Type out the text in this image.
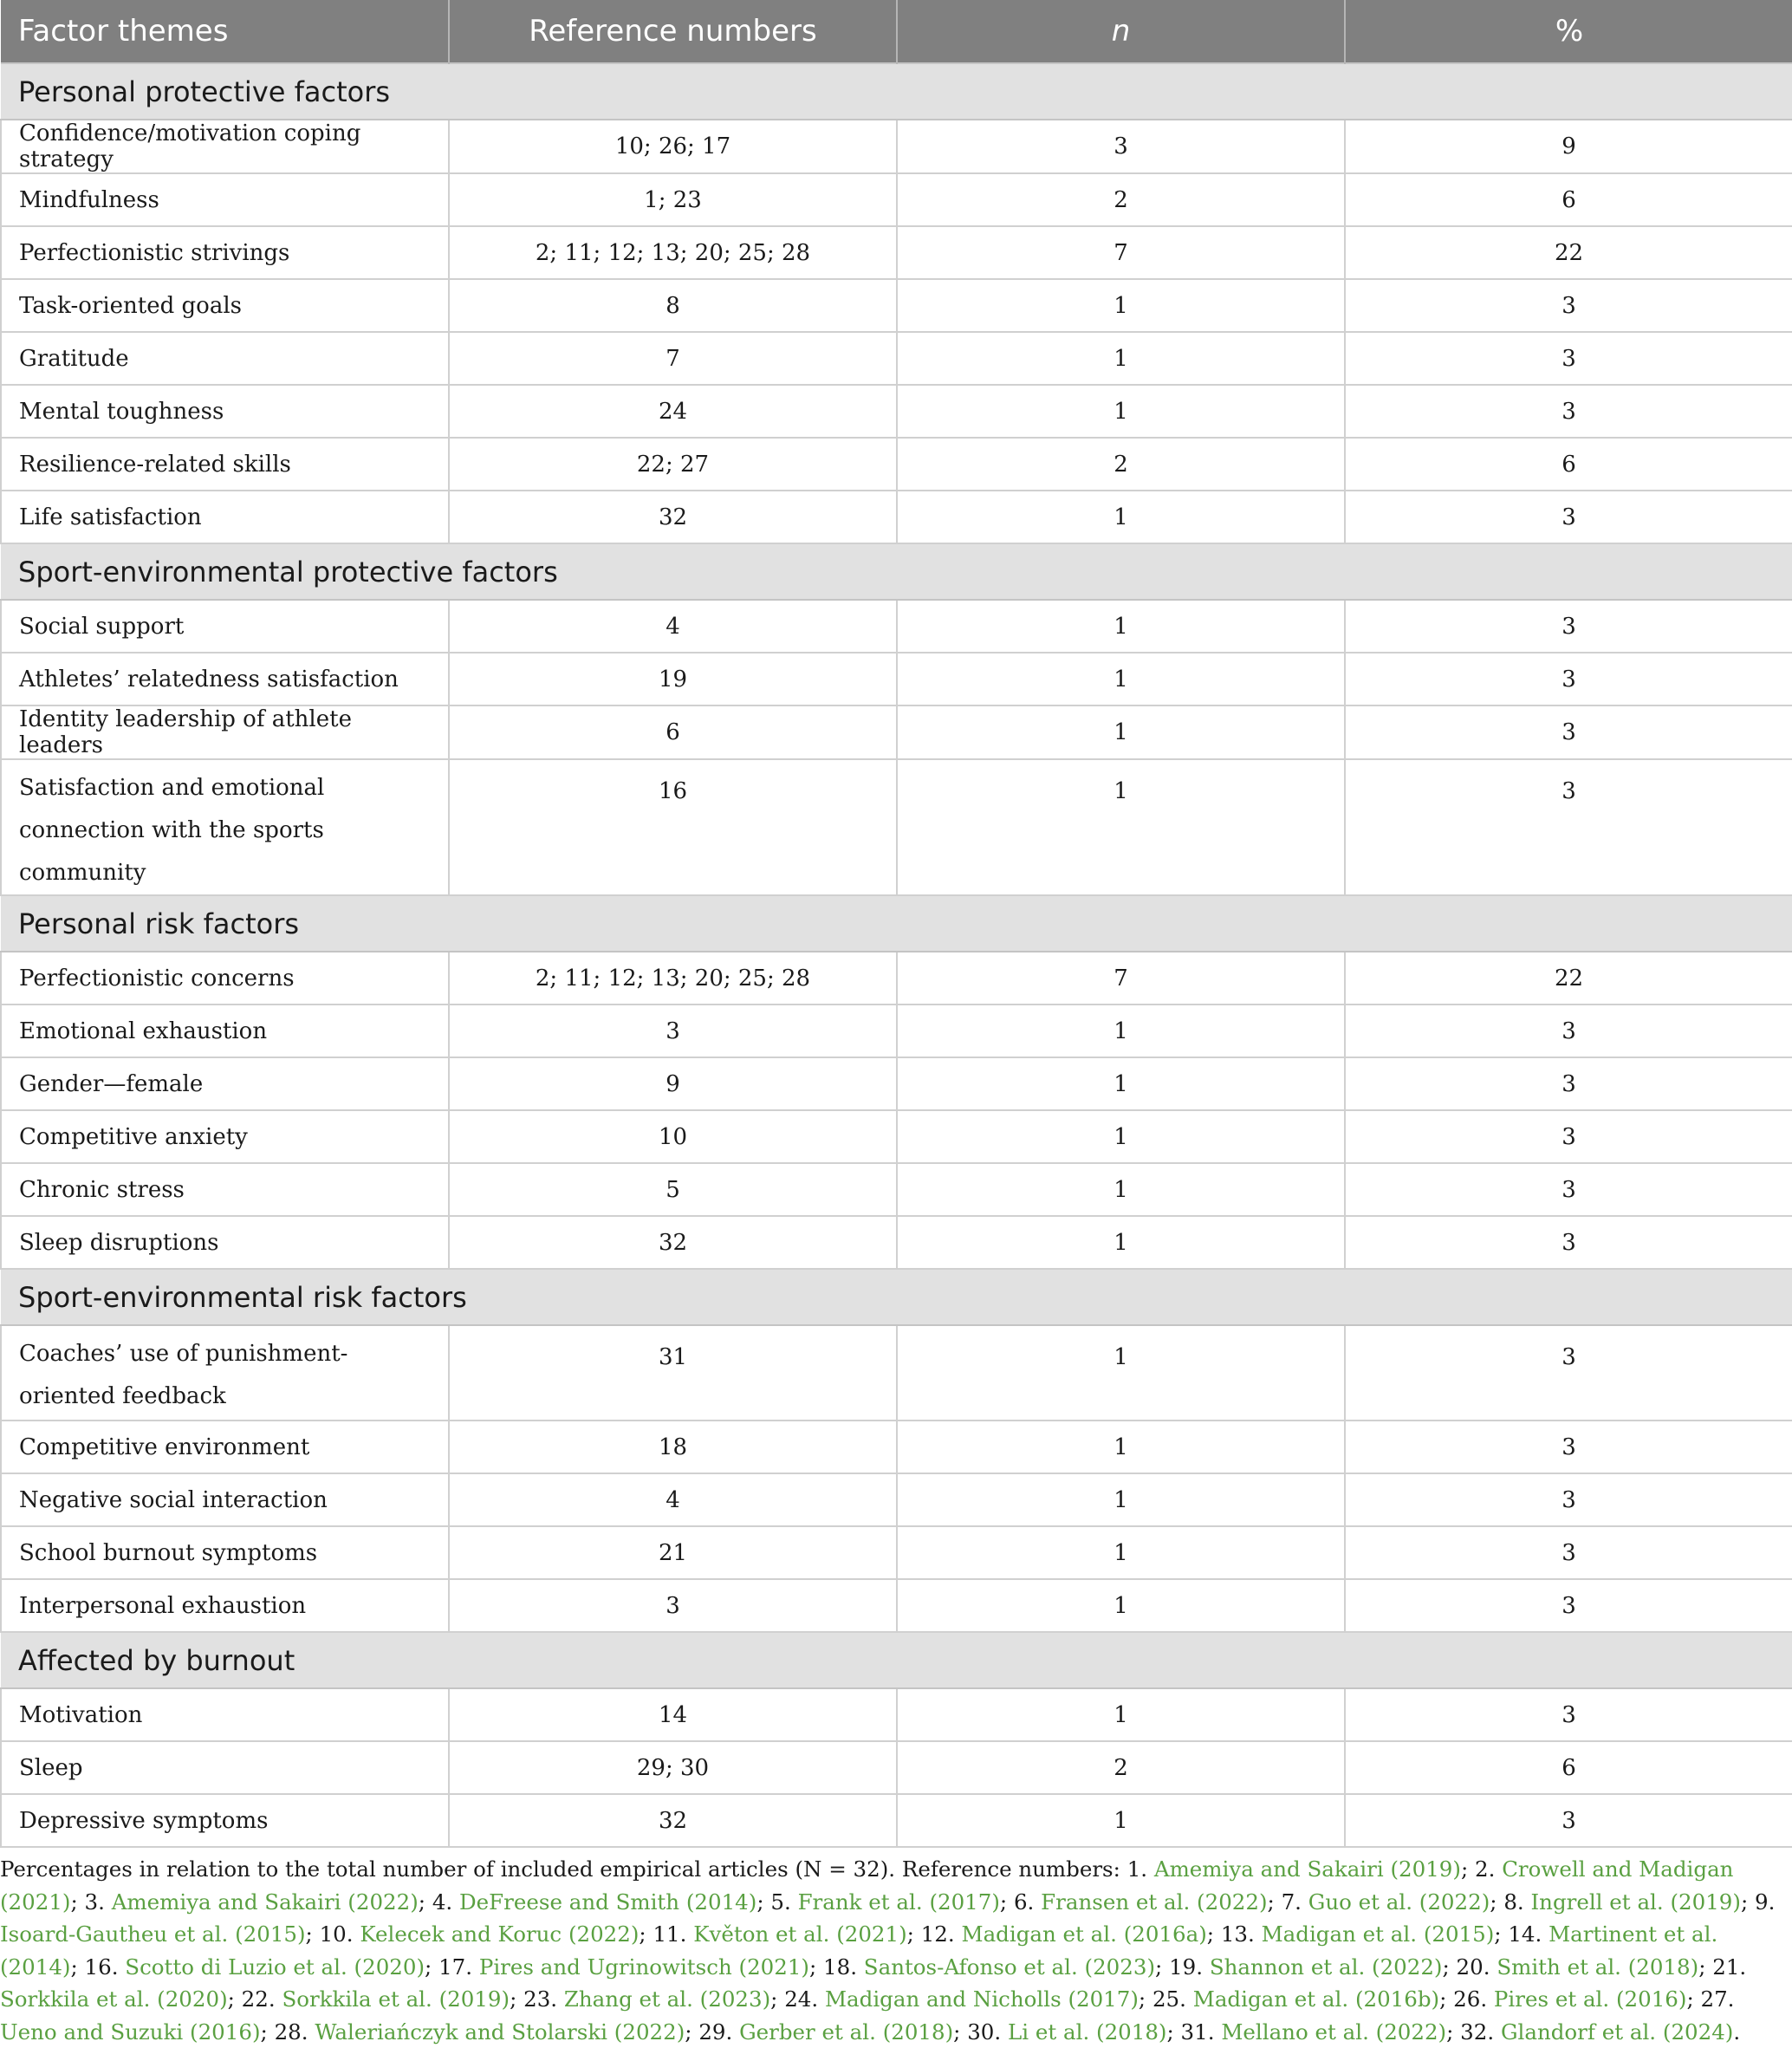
Factor themes	Reference numbers	n	%
Personal protective factors			
Confidence/motivation coping strategy	10; 26; 17	3	9
Mindfulness	1; 23	2	6
Perfectionistic strivings	2; 11; 12; 13; 20; 25; 28	7	22
Task-oriented goals	8	1	3
Gratitude	7	1	3
Mental toughness	24	1	3
Resilience-related skills	22; 27	2	6
Life satisfaction	32	1	3
Sport-environmental protective factors			
Social support	4	1	3
Athletes’ relatedness satisfaction	19	1	3
Identity leadership of athlete leaders	6	1	3
Satisfaction and emotional connection with the sports community	16	1	3
Personal risk factors			
Perfectionistic concerns	2; 11; 12; 13; 20; 25; 28	7	22
Emotional exhaustion	3	1	3
Gender—female	9	1	3
Competitive anxiety	10	1	3
Chronic stress	5	1	3
Sleep disruptions	32	1	3
Sport-environmental risk factors			
Coaches’ use of punishment-oriented feedback	31	1	3
Competitive environment	18	1	3
Negative social interaction	4	1	3
School burnout symptoms	21	1	3
Interpersonal exhaustion	3	1	3
Affected by burnout			
Motivation	14	1	3
Sleep	29; 30	2	6
Depressive symptoms	32	1	3

Percentages in relation to the total number of included empirical articles (N = 32). Reference numbers: 1. Amemiya and Sakairi (2019); 2. Crowell and Madigan (2021); 3. Amemiya and Sakairi (2022); 4. DeFreese and Smith (2014); 5. Frank et al. (2017); 6. Fransen et al. (2022); 7. Guo et al. (2022); 8. Ingrell et al. (2019); 9. Isoard-Gautheu et al. (2015); 10. Kelecek and Koruc (2022); 11. Květon et al. (2021); 12. Madigan et al. (2016a); 13. Madigan et al. (2015); 14. Martinent et al. (2014); 16. Scotto di Luzio et al. (2020); 17. Pires and Ugrinowitsch (2021); 18. Santos-Afonso et al. (2023); 19. Shannon et al. (2022); 20. Smith et al. (2018); 21. Sorkkila et al. (2020); 22. Sorkkila et al. (2019); 23. Zhang et al. (2023); 24. Madigan and Nicholls (2017); 25. Madigan et al. (2016b); 26. Pires et al. (2016); 27. Ueno and Suzuki (2016); 28. Waleriańczyk and Stolarski (2022); 29. Gerber et al. (2018); 30. Li et al. (2018); 31. Mellano et al. (2022); 32. Glandorf et al. (2024).
